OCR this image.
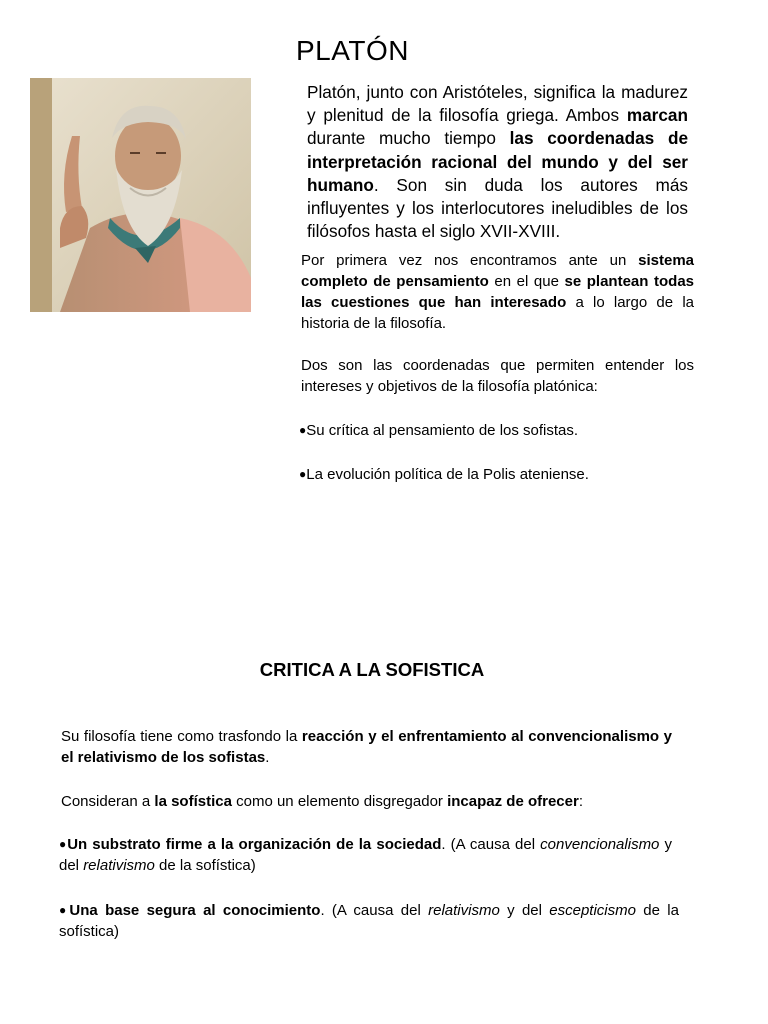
PLATÓN
Platón, junto con Aristóteles, significa la madurez y plenitud de la filosofía griega. Ambos marcan durante mucho tiempo las coordenadas de interpretación racional del mundo y del ser humano. Son sin duda los autores más influyentes y los interlocutores ineludibles de los filósofos hasta el siglo XVII-XVIII.
Por primera vez nos encontramos ante un sistema completo de pensamiento en el que se plantean todas las cuestiones que han interesado a lo largo de la historia de la filosofía.
Dos son las coordenadas que permiten entender los intereses y objetivos de la filosofía platónica:
●Su crítica al pensamiento de los sofistas.
●La evolución política de la Polis ateniense.
CRITICA A LA SOFISTICA
Su filosofía tiene como trasfondo la reacción y el enfrentamiento al convencionalismo y el relativismo de los sofistas.
Consideran a la sofística como un elemento disgregador incapaz de ofrecer:
●Un substrato firme a la organización de la sociedad. (A causa del convencionalismo y del relativismo de la sofística)
●Una base segura al conocimiento. (A causa del relativismo y del escepticismo de la sofística)
